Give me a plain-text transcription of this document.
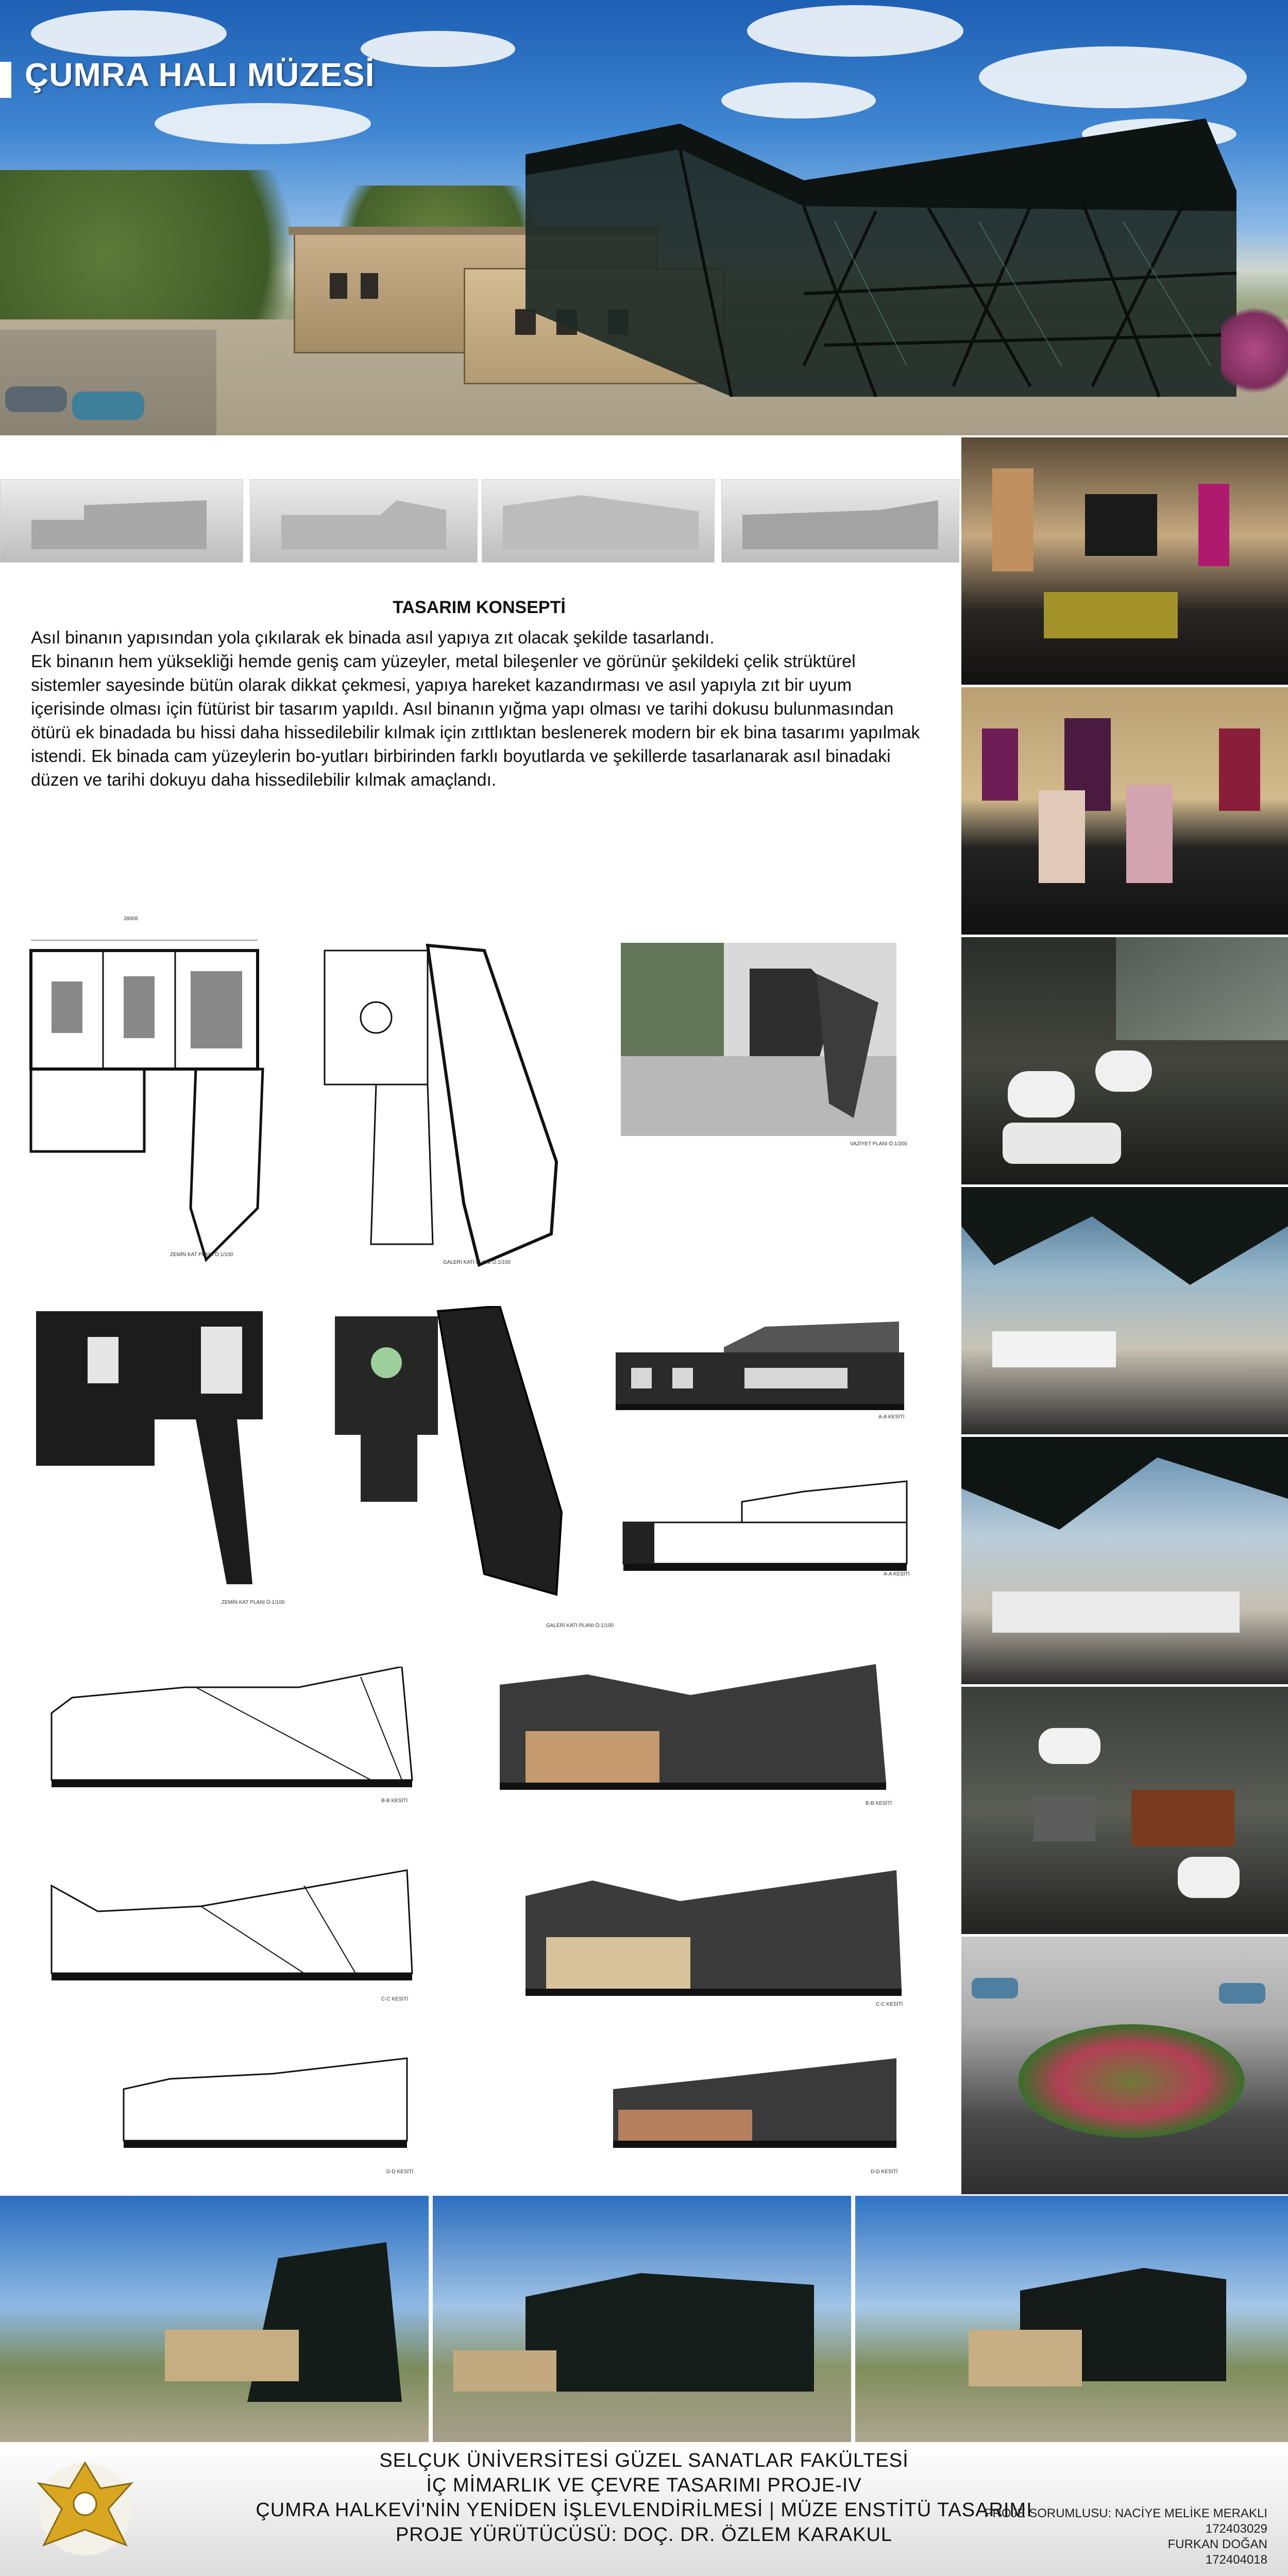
ÇUMRA HALI MÜZESİ
TASARIM KONSEPTİ
Asıl binanın yapısından yola çıkılarak ek binada asıl yapıya zıt olacak şekilde tasarlandı.
Ek binanın hem yüksekliği hemde geniş cam yüzeyler, metal bileşenler ve görünür şekildeki çelik strüktürel sistemler sayesinde bütün olarak dikkat çekmesi, yapıya hareket kazandırması ve asıl yapıyla zıt bir uyum içerisinde olması için fütürist bir tasarım yapıldı. Asıl binanın yığma yapı olması ve tarihi dokusu bulunmasından ötürü ek binadada bu hissi daha hissedilebilir kılmak için zıttlıktan beslenerek modern bir ek bina tasarımı yapılmak istendi. Ek binada cam yüzeylerin bo-yutları birbirinden farklı boyutlarda ve şekillerde tasarlanarak asıl binadaki düzen ve tarihi dokuyu daha hissedilebilir kılmak amaçlandı.
ZEMİN KAT PLANI Ö:1/100
28006
GALERİ KATI PLANI Ö:1/100
VAZİYET PLANI Ö:1/200
ZEMİN KAT PLANI Ö:1/100
GALERİ KATI PLANI Ö:1/100
A-A KESİTİ
A-A KESİTİ
B-B KESİTİ	B-B KESİTİ
C-C KESİTİ
C-C KESİTİ
D-D KESİTİ	D-D KESİTİ
SELÇUK ÜNİVERSİTESİ GÜZEL SANATLAR FAKÜLTESİ
İÇ MİMARLIK VE ÇEVRE TASARIMI PROJE-IV
ÇUMRA HALKEVİ'NİN YENİDEN İŞLEVLENDİRİLMESİ | MÜZE ENSTİTÜ TASARIMI
PROJE YÜRÜTÜCÜSÜ: DOÇ. DR. ÖZLEM KARAKUL
PROJE SORUMLUSU: NACİYE MELİKE MERAKLI
172403029
FURKAN DOĞAN
172404018
